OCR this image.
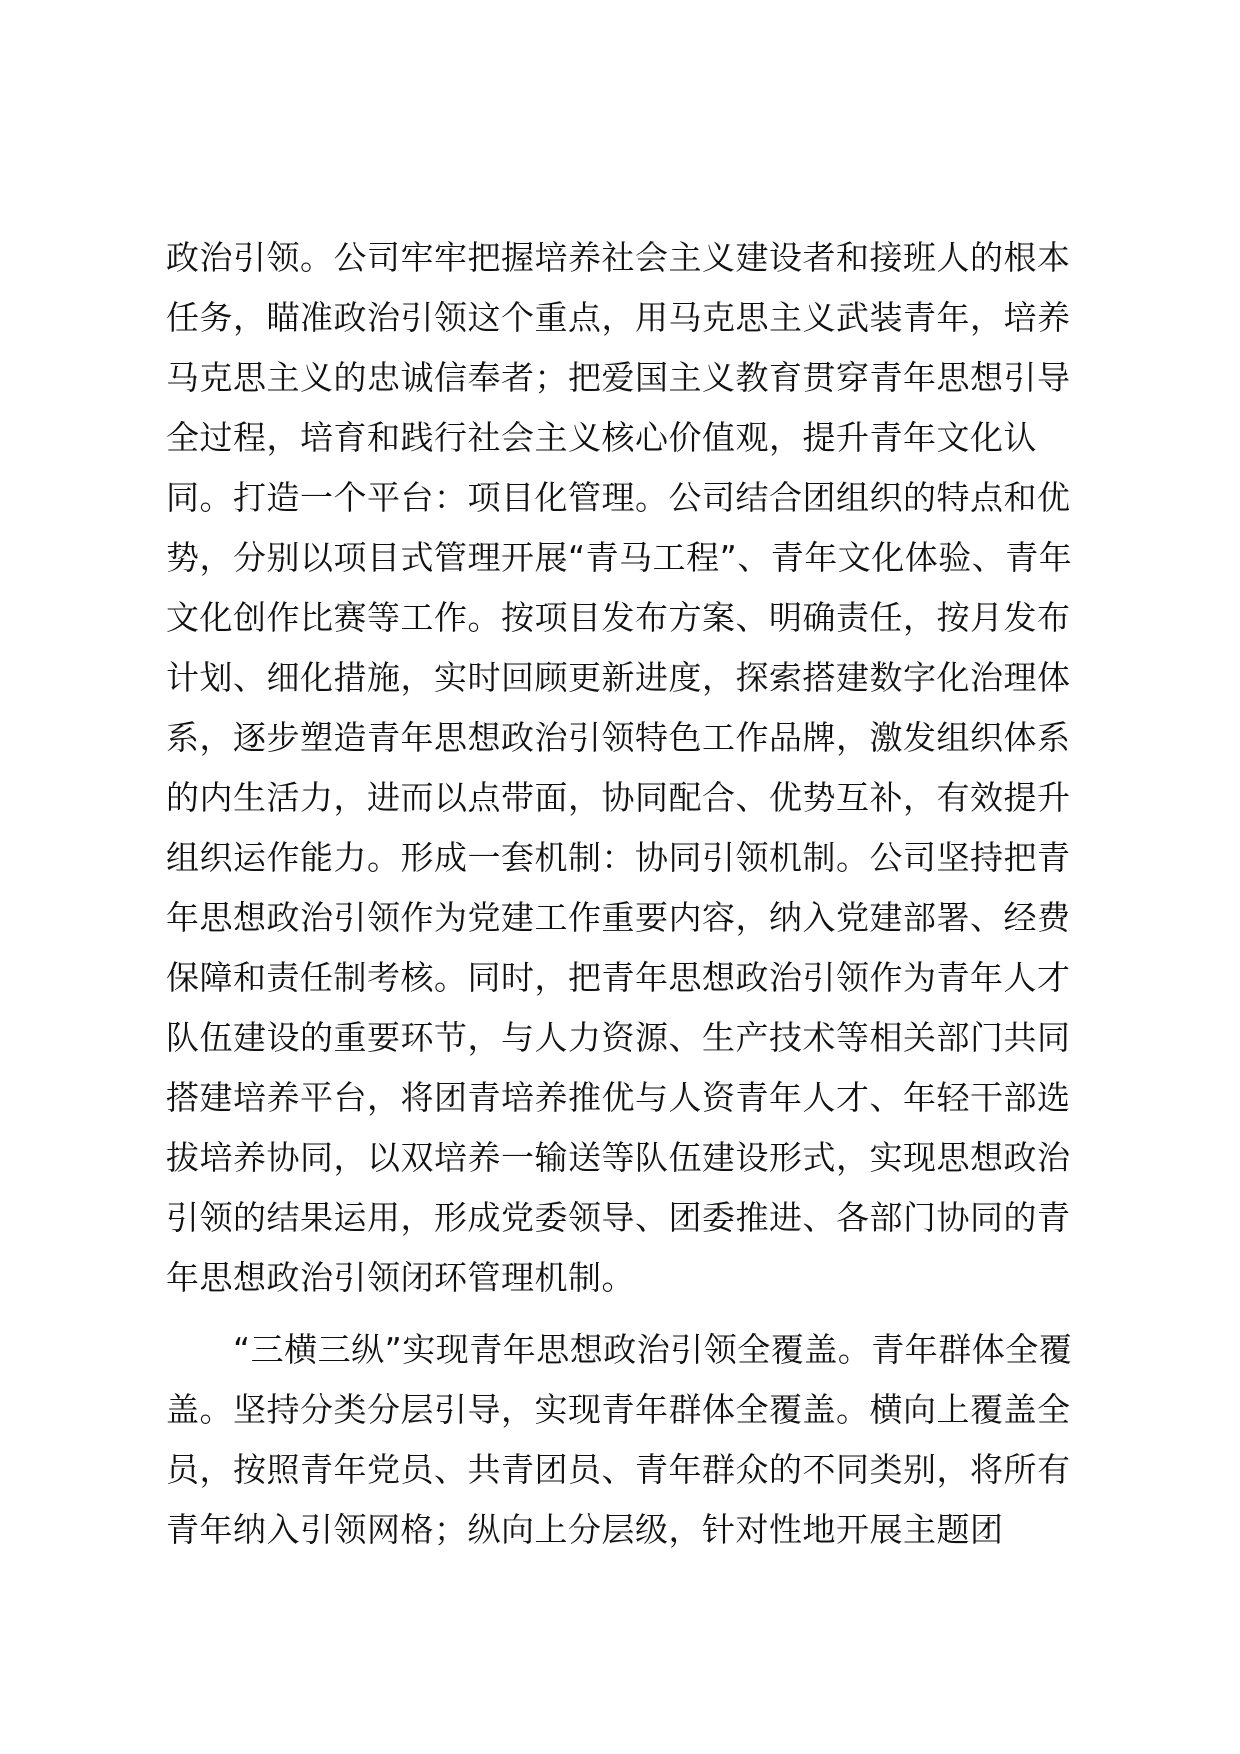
政治引领。公司牢牢把握培养社会主义建设者和接班人的根本
任务，瞄准政治引领这个重点，用马克思主义武装青年，培养
马克思主义的忠诚信奉者；把爱国主义教育贯穿青年思想引导
全过程，培育和践行社会主义核心价值观，提升青年文化认
同。打造一个平台：项目化管理。公司结合团组织的特点和优
势，分别以项目式管理开展“青马工程”、青年文化体验、青年
文化创作比赛等工作。按项目发布方案、明确责任，按月发布
计划、细化措施，实时回顾更新进度，探索搭建数字化治理体
系，逐步塑造青年思想政治引领特色工作品牌，激发组织体系
的内生活力，进而以点带面，协同配合、优势互补，有效提升
组织运作能力。形成一套机制：协同引领机制。公司坚持把青
年思想政治引领作为党建工作重要内容，纳入党建部署、经费
保障和责任制考核。同时，把青年思想政治引领作为青年人才
队伍建设的重要环节，与人力资源、生产技术等相关部门共同
搭建培养平台，将团青培养推优与人资青年人才、年轻干部选
拔培养协同，以双培养一输送等队伍建设形式，实现思想政治
引领的结果运用，形成党委领导、团委推进、各部门协同的青
年思想政治引领闭环管理机制。
　　“三横三纵”实现青年思想政治引领全覆盖。青年群体全覆
盖。坚持分类分层引导，实现青年群体全覆盖。横向上覆盖全
员，按照青年党员、共青团员、青年群众的不同类别，将所有
青年纳入引领网格；纵向上分层级，针对性地开展主题团
